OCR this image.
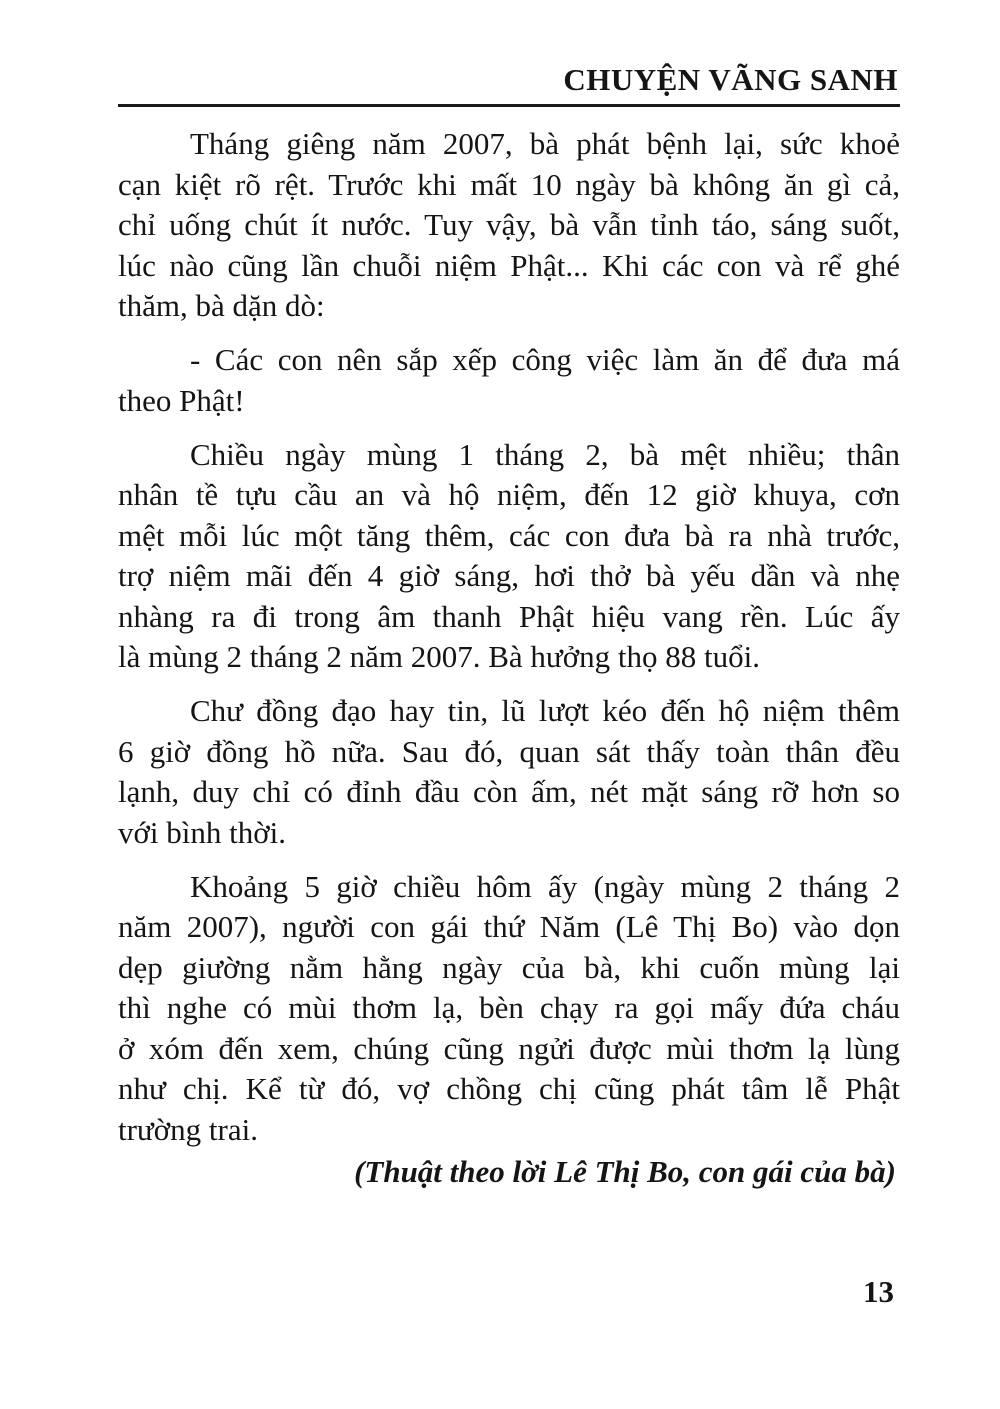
CHUYỆN VÃNG SANH

Tháng giêng năm 2007, bà phát bệnh lại, sức khoẻ
cạn kiệt rõ rệt. Trước khi mất 10 ngày bà không ăn gì cả,
chỉ uống chút ít nước. Tuy vậy, bà vẫn tỉnh táo, sáng suốt,
lúc nào cũng lần chuỗi niệm Phật... Khi các con và rể ghé
thăm, bà dặn dò:

- Các con nên sắp xếp công việc làm ăn để đưa má
theo Phật!

Chiều ngày mùng 1 tháng 2, bà mệt nhiều; thân
nhân tề tựu cầu an và hộ niệm, đến 12 giờ khuya, cơn
mệt mỗi lúc một tăng thêm, các con đưa bà ra nhà trước,
trợ niệm mãi đến 4 giờ sáng, hơi thở bà yếu dần và nhẹ
nhàng ra đi trong âm thanh Phật hiệu vang rền. Lúc ấy
là mùng 2 tháng 2 năm 2007. Bà hưởng thọ 88 tuổi.

Chư đồng đạo hay tin, lũ lượt kéo đến hộ niệm thêm
6 giờ đồng hồ nữa. Sau đó, quan sát thấy toàn thân đều
lạnh, duy chỉ có đỉnh đầu còn ấm, nét mặt sáng rỡ hơn so
với bình thời.

Khoảng 5 giờ chiều hôm ấy (ngày mùng 2 tháng 2
năm 2007), người con gái thứ Năm (Lê Thị Bo) vào dọn
dẹp giường nằm hằng ngày của bà, khi cuốn mùng lại
thì nghe có mùi thơm lạ, bèn chạy ra gọi mấy đứa cháu
ở xóm đến xem, chúng cũng ngửi được mùi thơm lạ lùng
như chị. Kể từ đó, vợ chồng chị cũng phát tâm lễ Phật
trường trai.

(Thuật theo lời Lê Thị Bo, con gái của bà)
13
